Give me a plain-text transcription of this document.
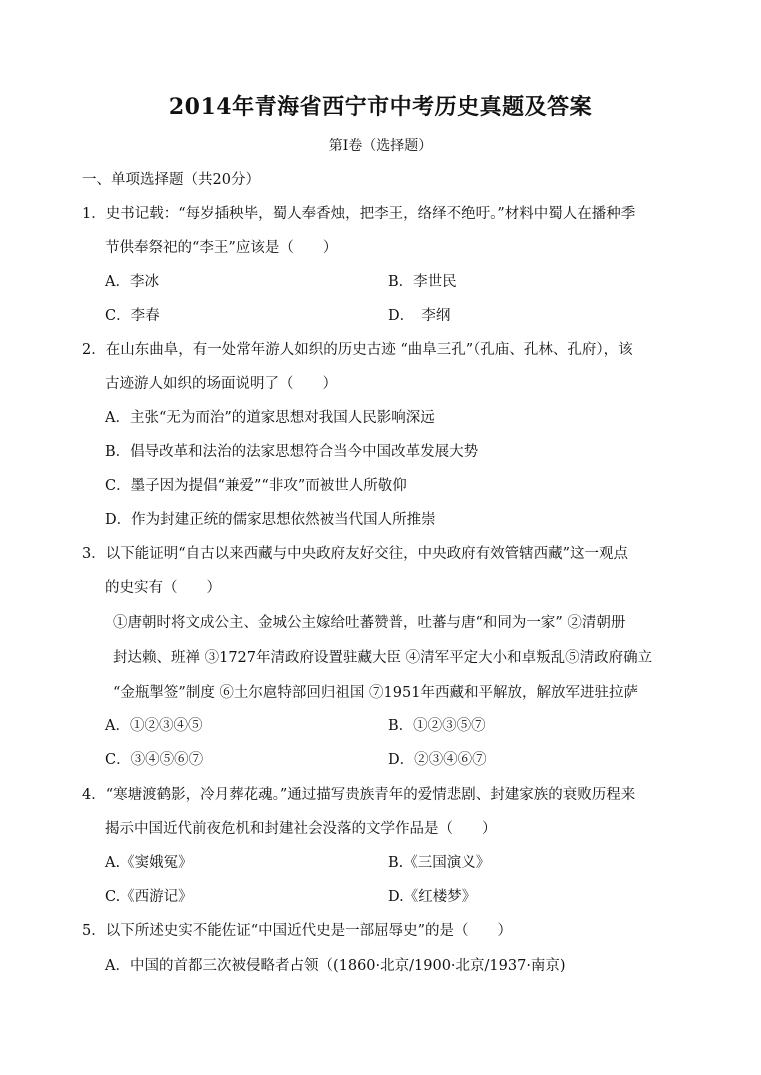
2014年青海省西宁市中考历史真题及答案
第Ⅰ卷（选择题）
一、单项选择题（共20分）
1．史书记载：“每岁插秧毕，蜀人奉香烛，把李王，络绎不绝吁。”材料中蜀人在播种季
节供奉祭祀的“李王”应该是（　　）
A．李冰	B．李世民
C．李春	D．　李纲
2．在山东曲阜，有一处常年游人如织的历史古迹 “曲阜三孔”（孔庙、孔林、孔府），该
古迹游人如织的场面说明了（　　）
A．主张“无为而治”的道家思想对我国人民影响深远
B．倡导改革和法治的法家思想符合当今中国改革发展大势
C．墨子因为提倡“兼爱”“非攻”而被世人所敬仰
D．作为封建正统的儒家思想依然被当代国人所推崇
3．以下能证明“自古以来西藏与中央政府友好交往，中央政府有效管辖西藏”这一观点
的史实有（　　）
①唐朝时将文成公主、金城公主嫁给吐蕃赞普，吐蕃与唐“和同为一家” ②清朝册
封达赖、班禅 ③1727年清政府设置驻藏大臣 ④清军平定大小和卓叛乱⑤清政府确立
“金瓶掣签”制度 ⑥土尔扈特部回归祖国 ⑦1951年西藏和平解放，解放军进驻拉萨
A．①②③④⑤	B．①②③⑤⑦
C．③④⑤⑥⑦	D．②③④⑥⑦
4．“寒塘渡鹤影，冷月葬花魂。”通过描写贵族青年的爱情悲剧、封建家族的衰败历程来
揭示中国近代前夜危机和封建社会没落的文学作品是（　　）
A.《窦娥冤》	B.《三国演义》
C.《西游记》	D.《红楼梦》
5．以下所述史实不能佐证“中国近代史是一部屈辱史”的是（　　）
A．中国的首都三次被侵略者占领（(1860·北京/1900·北京/1937·南京)
